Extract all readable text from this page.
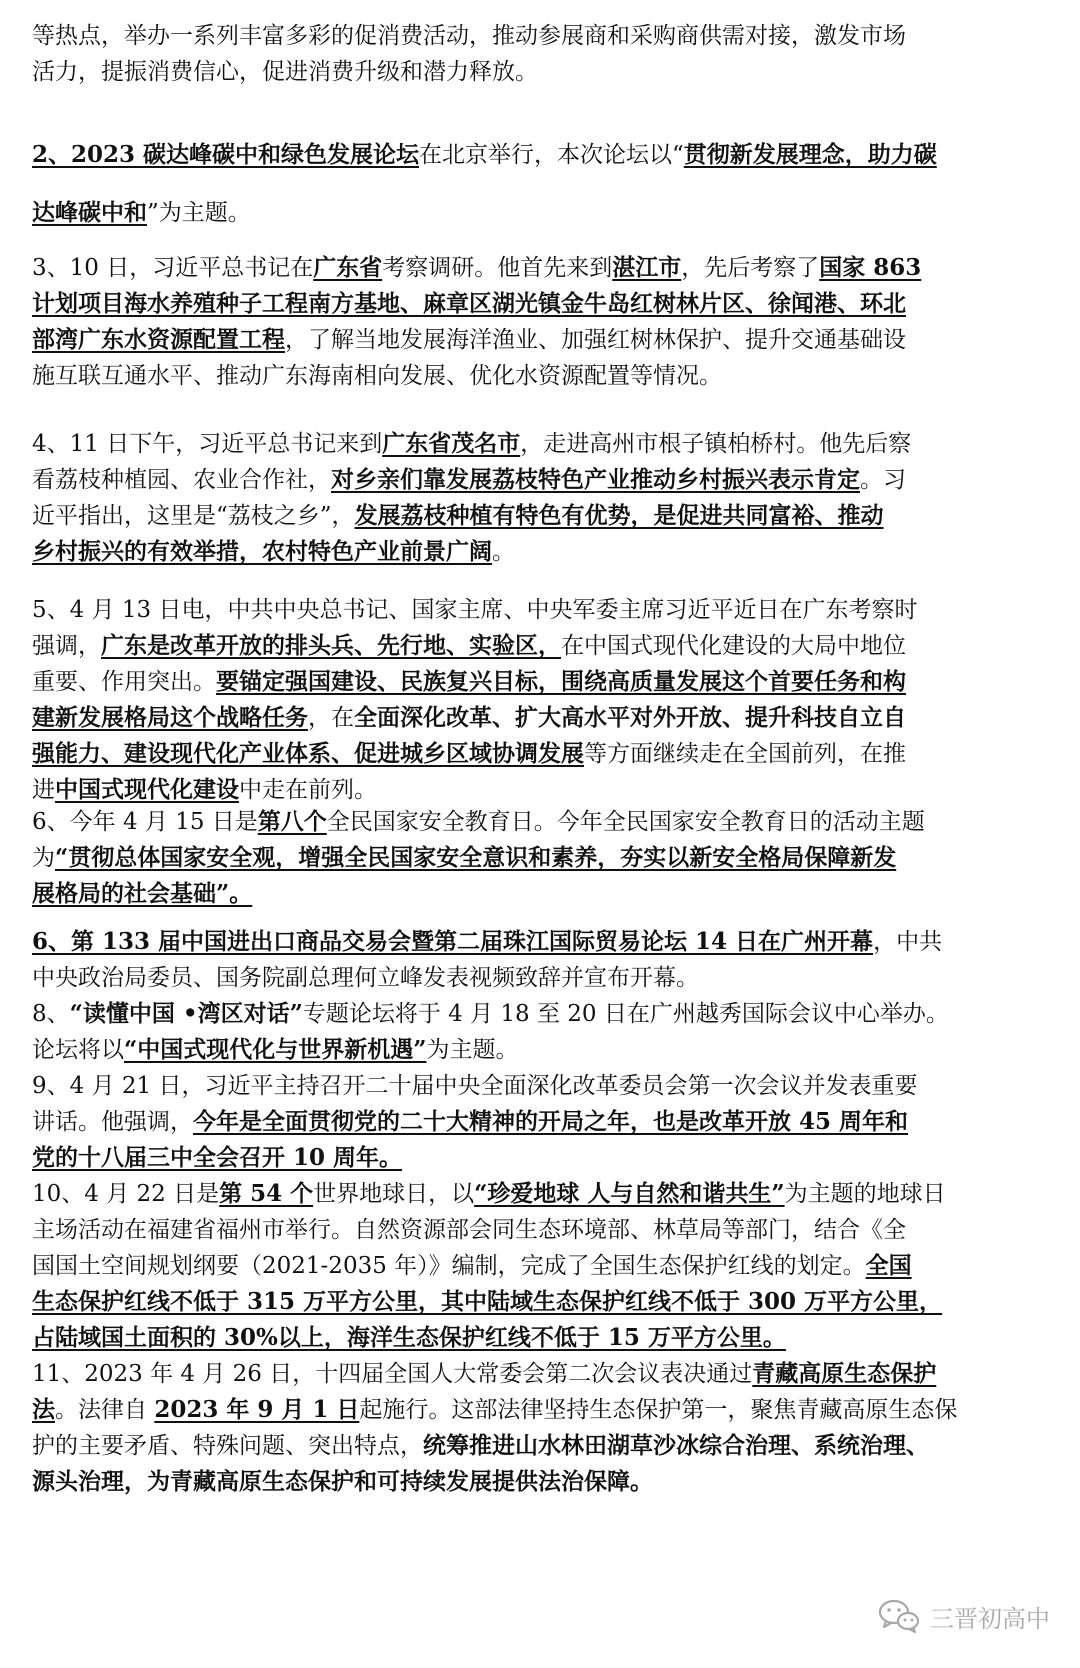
等热点，举办一系列丰富多彩的促消费活动，推动参展商和采购商供需对接，激发市场
活力，提振消费信心，促进消费升级和潜力释放。
2、2023 碳达峰碳中和绿色发展论坛在北京举行，本次论坛以“贯彻新发展理念，助力碳
达峰碳中和”为主题。
3、10 日，习近平总书记在广东省考察调研。他首先来到湛江市，先后考察了国家 863
计划项目海水养殖种子工程南方基地、麻章区湖光镇金牛岛红树林片区、徐闻港、环北
部湾广东水资源配置工程，了解当地发展海洋渔业、加强红树林保护、提升交通基础设
施互联互通水平、推动广东海南相向发展、优化水资源配置等情况。
4、11 日下午，习近平总书记来到广东省茂名市，走进高州市根子镇柏桥村。他先后察
看荔枝种植园、农业合作社，对乡亲们靠发展荔枝特色产业推动乡村振兴表示肯定。习
近平指出，这里是“荔枝之乡”，发展荔枝种植有特色有优势，是促进共同富裕、推动
乡村振兴的有效举措，农村特色产业前景广阔。
5、4 月 13 日电，中共中央总书记、国家主席、中央军委主席习近平近日在广东考察时
强调，广东是改革开放的排头兵、先行地、实验区，在中国式现代化建设的大局中地位
重要、作用突出。要锚定强国建设、民族复兴目标，围绕高质量发展这个首要任务和构
建新发展格局这个战略任务，在全面深化改革、扩大高水平对外开放、提升科技自立自
强能力、建设现代化产业体系、促进城乡区域协调发展等方面继续走在全国前列，在推
进中国式现代化建设中走在前列。
6、今年 4 月 15 日是第八个全民国家安全教育日。今年全民国家安全教育日的活动主题
为“贯彻总体国家安全观，增强全民国家安全意识和素养，夯实以新安全格局保障新发
展格局的社会基础”。
6、第 133 届中国进出口商品交易会暨第二届珠江国际贸易论坛 14 日在广州开幕，中共
中央政治局委员、国务院副总理何立峰发表视频致辞并宣布开幕。
8、“读懂中国 •湾区对话”专题论坛将于 4 月 18 至 20 日在广州越秀国际会议中心举办。
论坛将以“中国式现代化与世界新机遇”为主题。
9、4 月 21 日，习近平主持召开二十届中央全面深化改革委员会第一次会议并发表重要
讲话。他强调，今年是全面贯彻党的二十大精神的开局之年，也是改革开放 45 周年和
党的十八届三中全会召开 10 周年。
10、4 月 22 日是第 54 个世界地球日，以“珍爱地球 人与自然和谐共生”为主题的地球日
主场活动在福建省福州市举行。自然资源部会同生态环境部、林草局等部门，结合《全
国国土空间规划纲要（2021-2035 年）》编制，完成了全国生态保护红线的划定。全国
生态保护红线不低于 315 万平方公里，其中陆域生态保护红线不低于 300 万平方公里，
占陆域国土面积的 30%以上，海洋生态保护红线不低于 15 万平方公里。
11、2023 年 4 月 26 日，十四届全国人大常委会第二次会议表决通过青藏高原生态保护
法。法律自 2023 年 9 月 1 日起施行。这部法律坚持生态保护第一，聚焦青藏高原生态保
护的主要矛盾、特殊问题、突出特点，统筹推进山水林田湖草沙冰综合治理、系统治理、
源头治理，为青藏高原生态保护和可持续发展提供法治保障。
三晋初高中
